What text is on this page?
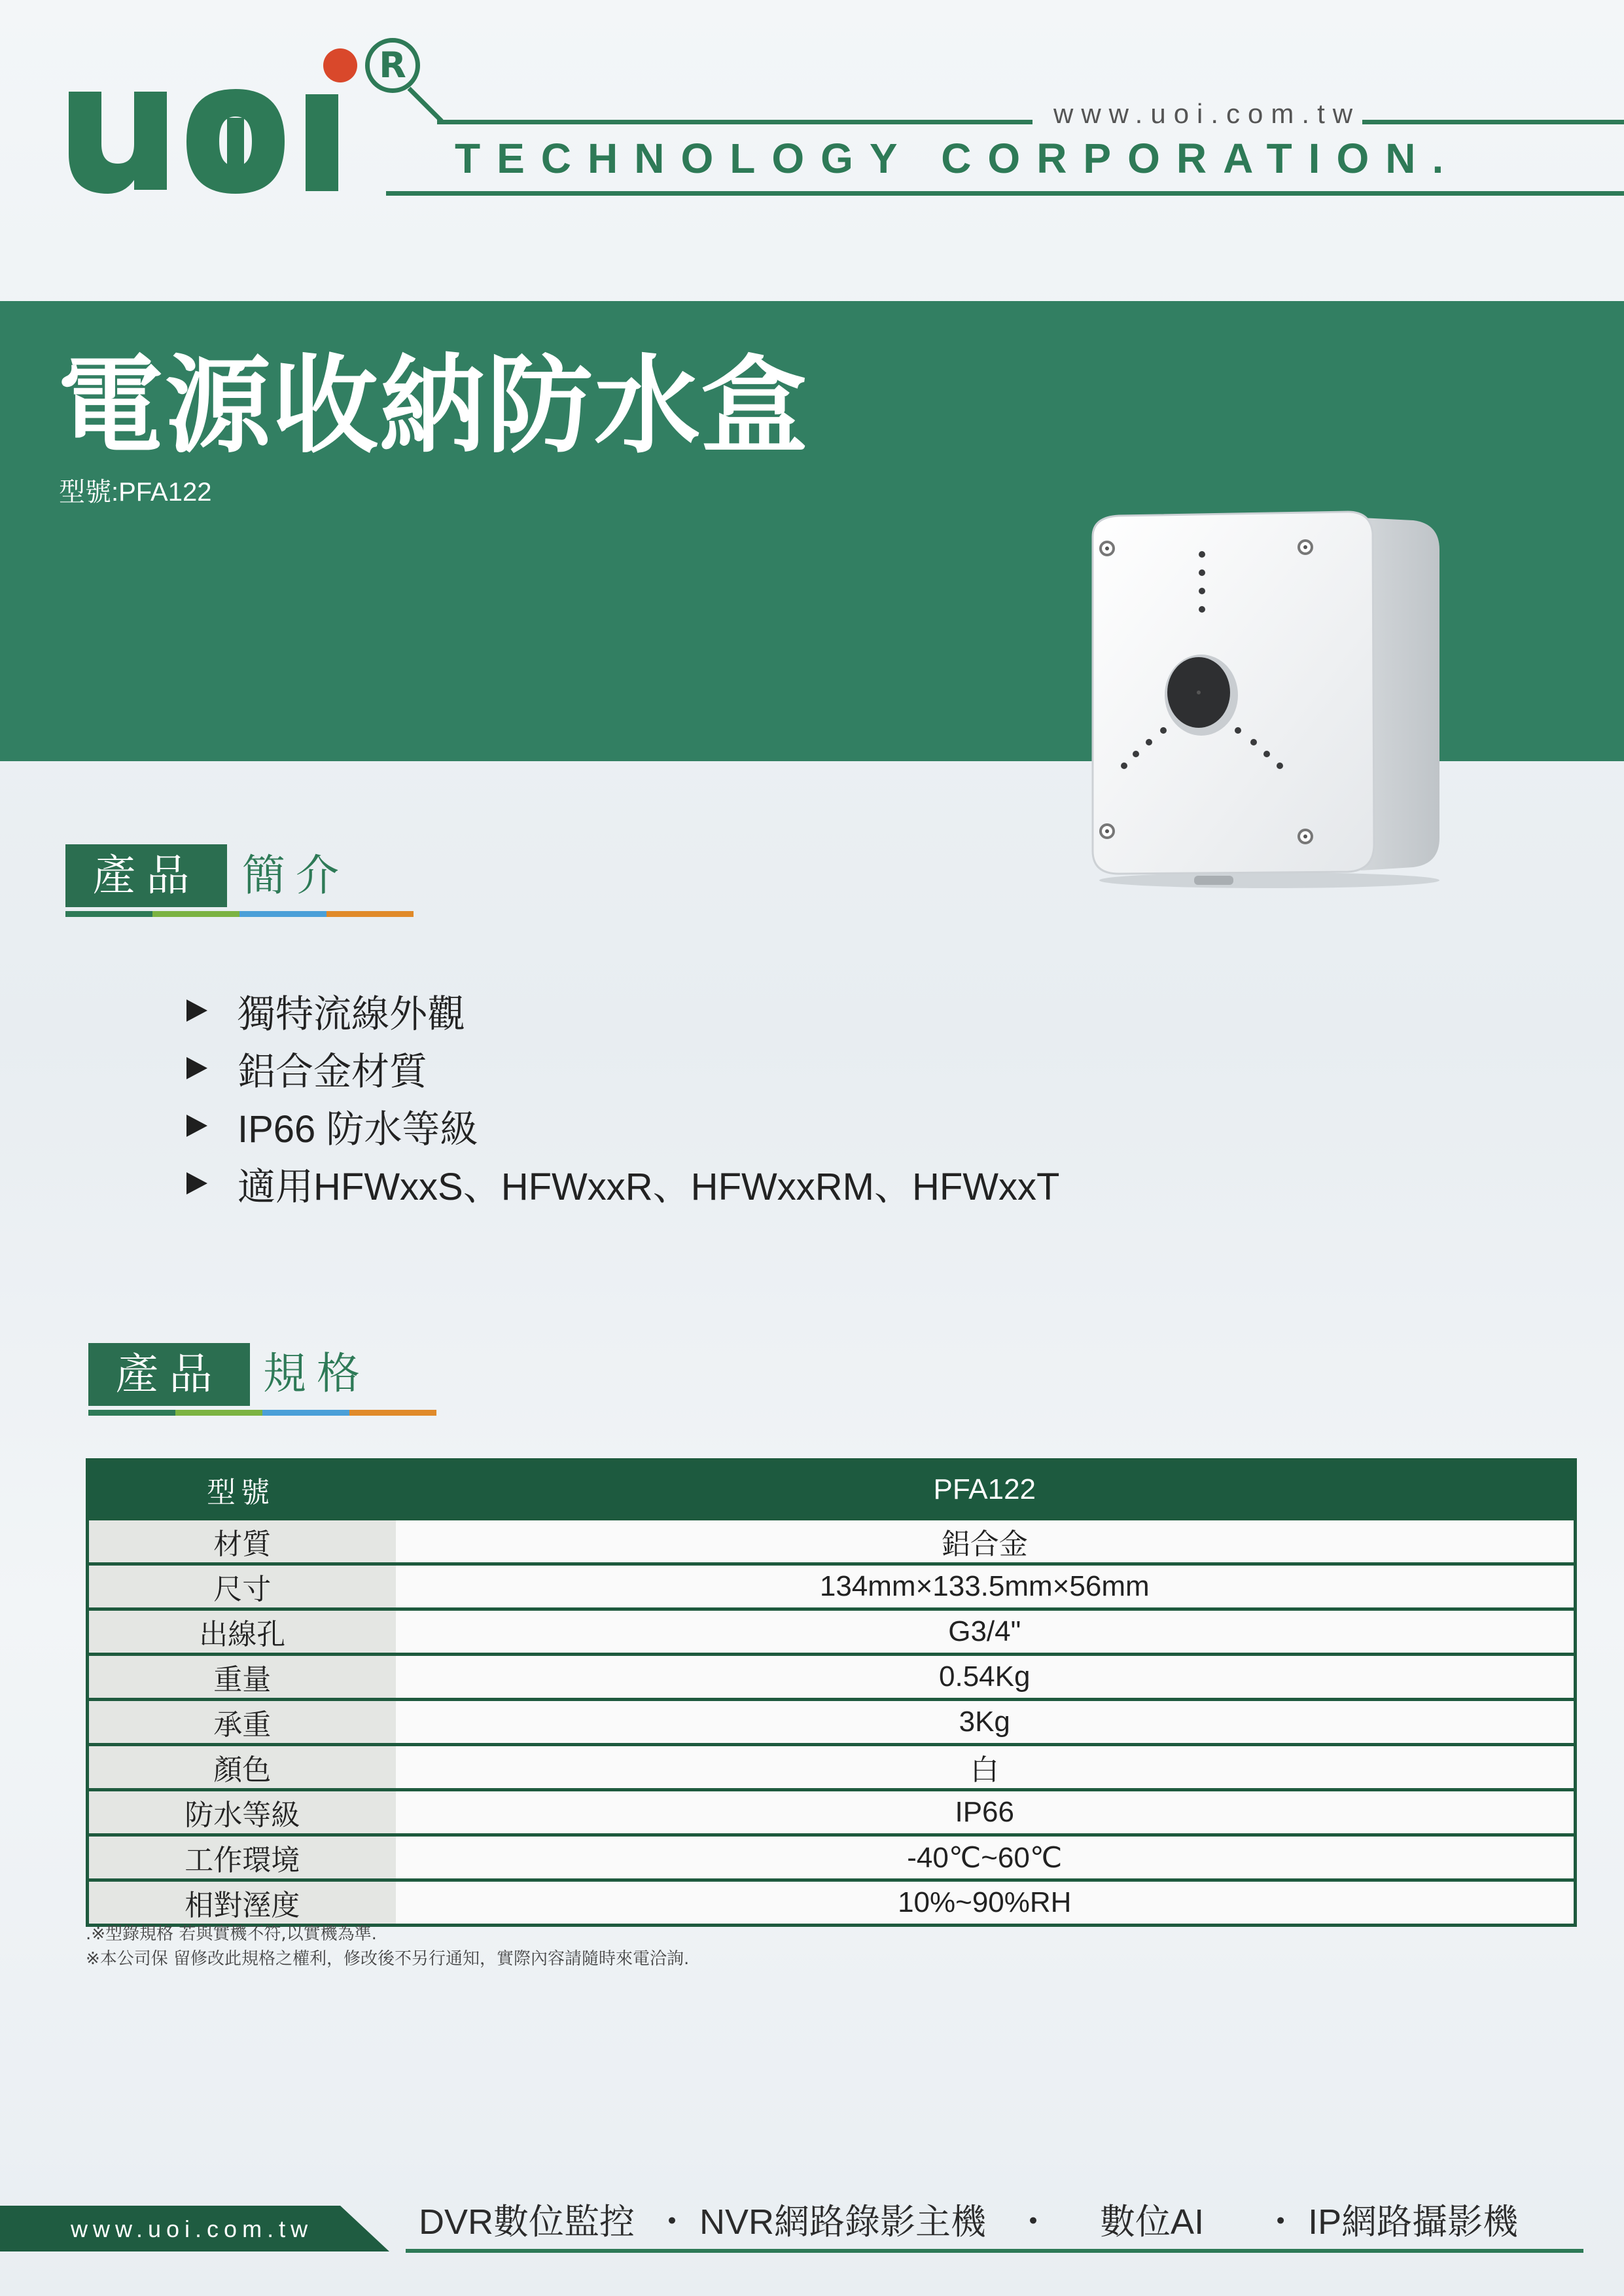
R
www.uoi.com.tw
TECHNOLOGY CORPORATION.
電源收納防水盒
型號:PFA122
產品 簡介
獨特流線外觀
鋁合金材質
IP66 防水等級
適用HFWxxS、HFWxxR、HFWxxRM、HFWxxT
產品 規格
型號	PFA122
材質	鋁合金
尺寸	134mm×133.5mm×56mm
出線孔	G3/4"
重量	0.54Kg
承重	3Kg
顏色	白
防水等級	IP66
工作環境	-40℃~60℃
相對溼度	10%~90%RH
.※型錄規格 若與實機不符,以實機為準.
※本公司保 留修改此規格之權利，修改後不另行通知，實際內容請隨時來電洽詢.
www.uoi.com.tw	DVR數位監控  ・ NVR網路錄影主機   ・     數位AI      ・ IP網路攝影機
